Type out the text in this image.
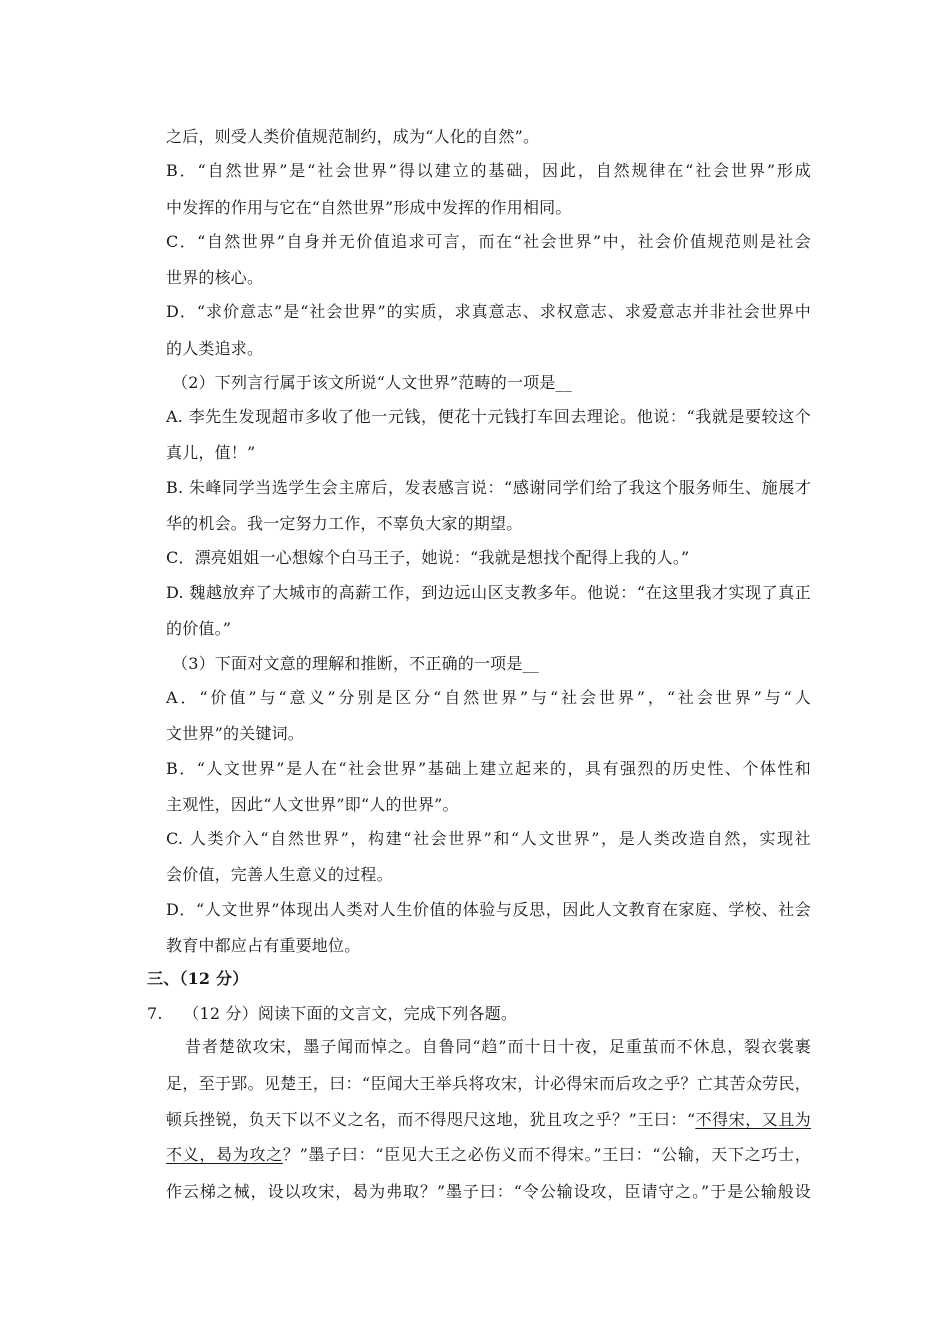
之后，则受人类价值规范制约，成为“人化的自然”。
B．“自然世界”是“社会世界”得以建立的基础，因此，自然规律在“社会世界”形成
中发挥的作用与它在“自然世界”形成中发挥的作用相同。
C．“自然世界”自身并无价值追求可言，而在“社会世界”中，社会价值规范则是社会
世界的核心。
D．“求价意志”是“社会世界”的实质，求真意志、求权意志、求爱意志并非社会世界中
的人类追求。
（2）下列言行属于该文所说“人文世界”范畴的一项是__
A. 李先生发现超市多收了他一元钱，便花十元钱打车回去理论。他说：“我就是要较这个
真儿，值！”
B. 朱峰同学当选学生会主席后，发表感言说：“感谢同学们给了我这个服务师生、施展才
华的机会。我一定努力工作，不辜负大家的期望。
C．漂亮姐姐一心想嫁个白马王子，她说：“我就是想找个配得上我的人。”
D. 魏越放弃了大城市的高薪工作，到边远山区支教多年。他说：“在这里我才实现了真正
的价值。”
（3）下面对文意的理解和推断，不正确的一项是__
A．“价值”与“意义”分别是区分“自然世界”与“社会世界”，“社会世界”与“人
文世界”的关键词。
B．“人文世界”是人在“社会世界”基础上建立起来的，具有强烈的历史性、个体性和
主观性，因此“人文世界”即“人的世界”。
C. 人类介入“自然世界”，构建“社会世界”和“人文世界”，是人类改造自然，实现社
会价值，完善人生意义的过程。
D．“人文世界”体现出人类对人生价值的体验与反思，因此人文教育在家庭、学校、社会
教育中都应占有重要地位。
三、（12 分）
7. （12 分）阅读下面的文言文，完成下列各题。
昔者楚欲攻宋，墨子闻而悼之。自鲁同“趋”而十日十夜，足重茧而不休息，裂衣裳裹
足，至于郢。见楚王，曰：“臣闻大王举兵将攻宋，计必得宋而后攻之乎？亡其苦众劳民，
顿兵挫锐，负天下以不义之名，而不得咫尺这地，犹且攻之乎？”王曰：“不得宋，又且为
不义，曷为攻之？”墨子曰：“臣见大王之必伤义而不得宋。”王曰：“公输，天下之巧士，
作云梯之械，设以攻宋，曷为弗取？”墨子曰：“令公输设攻，臣请守之。”于是公输般设
